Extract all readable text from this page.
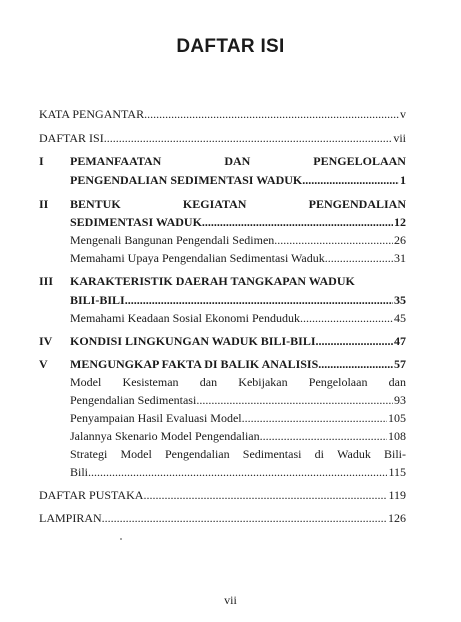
DAFTAR ISI
KATA PENGANTAR .....	v
DAFTAR ISI .....	vii
I	PEMANFAATAN	DAN	PENGELOLAAN
PENGENDALIAN SEDIMENTASI WADUK .....	1
II	BENTUK	KEGIATAN	PENGENDALIAN
SEDIMENTASI WADUK .....	12
Mengenali Bangunan Pengendali Sedimen .....	26
Memahami Upaya Pengendalian Sedimentasi Waduk .....	31
III	KARAKTERISTIK DAERAH TANGKAPAN WADUK
BILI-BILI .....	35
Memahami Keadaan Sosial Ekonomi Penduduk .....	45
IV	KONDISI LINGKUNGAN WADUK BILI-BILI .....	47
V	MENGUNGKAP FAKTA DI BALIK ANALISIS .....	57
Model Kesisteman dan Kebijakan Pengelolaan dan
Pengendalian Sedimentasi .....	93
Penyampaian Hasil Evaluasi Model .....	105
Jalannya Skenario Model Pengendalian .....	108
Strategi Model Pengendalian Sedimentasi di Waduk Bili-
Bili .....	115
DAFTAR PUSTAKA .....	119
LAMPIRAN .....	126
vii
